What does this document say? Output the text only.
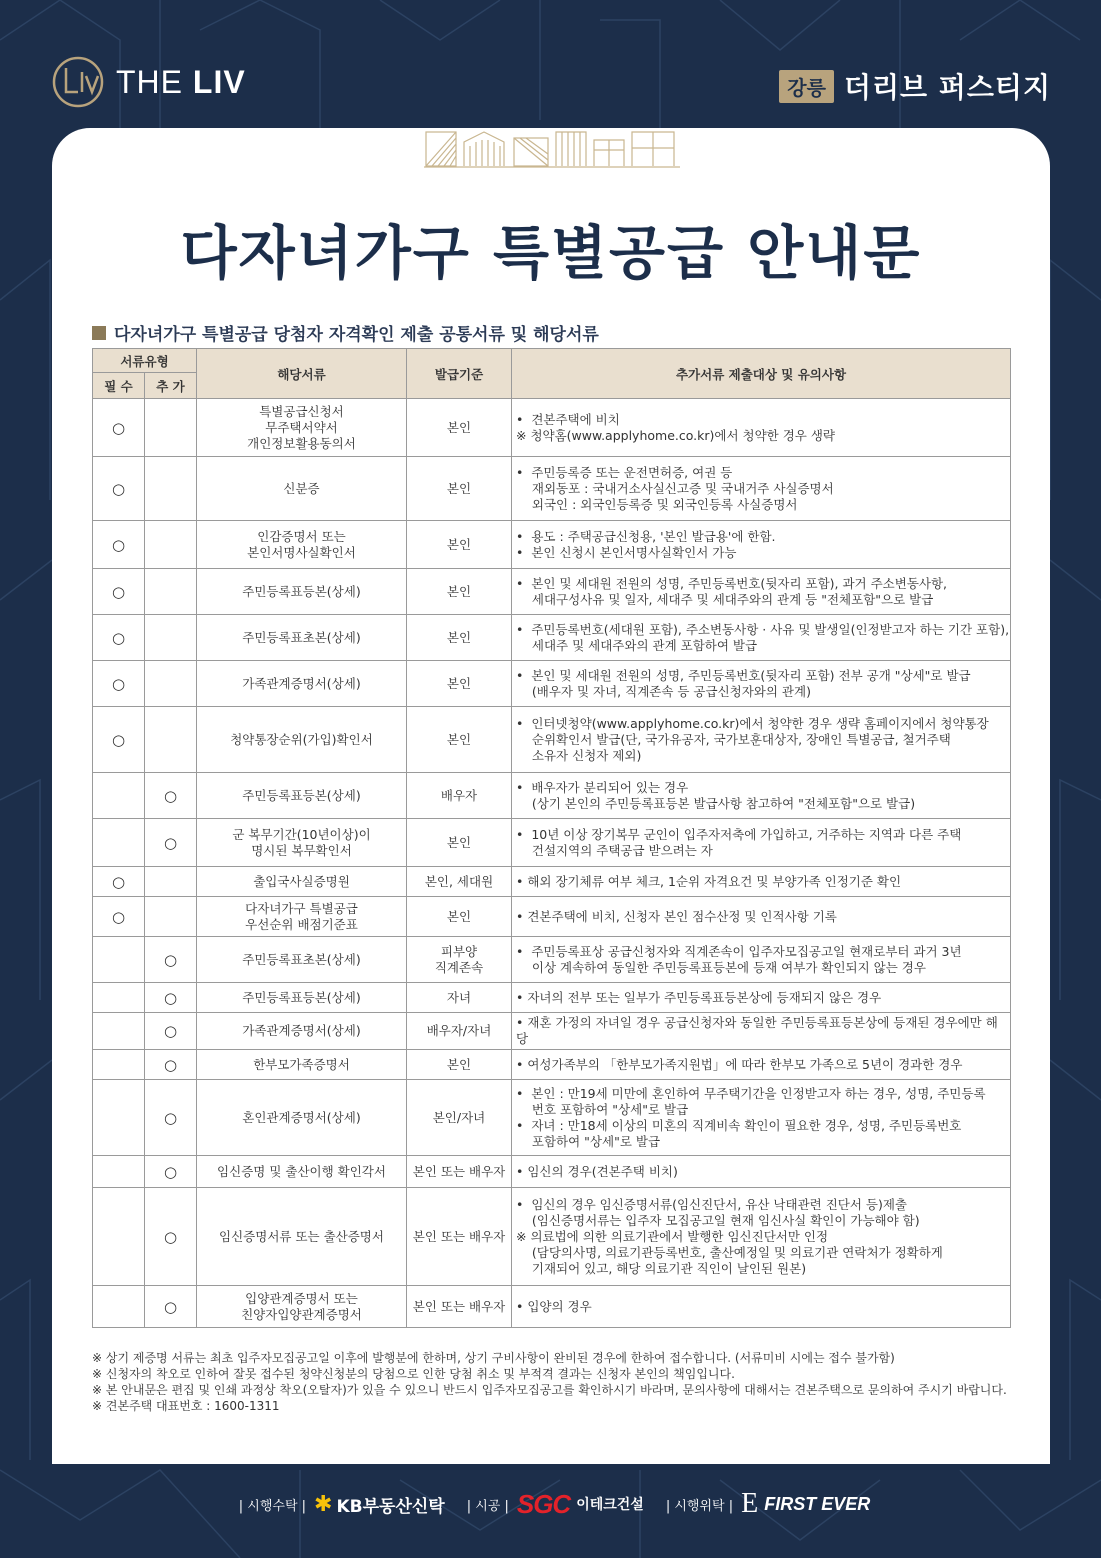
THE LIV	강릉 더리브 퍼스티지
다자녀가구 특별공급 안내문
다자녀가구 특별공급 당첨자 자격확인 제출 공통서류 및 해당서류
서류유형		해당서류	발급기준	추가서류 제출대상 및 유의사항
필 수	추 가			
○		특별공급신청서
무주택서약서
개인정보활용동의서	본인	•  견본주택에 비치
※ 청약홈(www.applyhome.co.kr)에서 청약한 경우 생략

○		신분증	본인	•  주민등록증 또는 운전면허증, 여권 등
재외동포 : 국내거소사실신고증 및 국내거주 사실증명서
외국인 : 외국인등록증 및 외국인등록 사실증명서

○		인감증명서 또는
본인서명사실확인서	본인	•  용도 : 주택공급신청용, '본인 발급용'에 한함.
•  본인 신청시 본인서명사실확인서 가능

○		주민등록표등본(상세)	본인	•  본인 및 세대원 전원의 성명, 주민등록번호(뒷자리 포함), 과거 주소변동사항,
세대구성사유 및 일자, 세대주 및 세대주와의 관계 등 "전체포함"으로 발급

○		주민등록표초본(상세)	본인	•  주민등록번호(세대원 포함), 주소변동사항 · 사유 및 발생일(인정받고자 하는 기간 포함),
세대주 및 세대주와의 관계 포함하여 발급

○		가족관계증명서(상세)	본인	•  본인 및 세대원 전원의 성명, 주민등록번호(뒷자리 포함) 전부 공개 "상세"로 발급
(배우자 및 자녀, 직계존속 등 공급신청자와의 관계)

○		청약통장순위(가입)확인서	본인	•  인터넷청약(www.applyhome.co.kr)에서 청약한 경우 생략 홈페이지에서 청약통장
순위확인서 발급(단, 국가유공자, 국가보훈대상자, 장애인 특별공급, 철거주택
소유자 신청자 제외)

	○	주민등록표등본(상세)	배우자	•  배우자가 분리되어 있는 경우
(상기 본인의 주민등록표등본 발급사항 참고하여 "전체포함"으로 발급)

	○	군 복무기간(10년이상)이
명시된 복무확인서	본인	•  10년 이상 장기복무 군인이 입주자저축에 가입하고, 거주하는 지역과 다른 주택
건설지역의 주택공급 받으려는 자

○		출입국사실증명원	본인, 세대원	• 해외 장기체류 여부 체크, 1순위 자격요건 및 부양가족 인정기준 확인
○		다자녀가구 특별공급
우선순위 배점기준표	본인	• 견본주택에 비치, 신청자 본인 점수산정 및 인적사항 기록
	○	주민등록표초본(상세)	피부양
직계존속	•  주민등록표상 공급신청자와 직계존속이 입주자모집공고일 현재로부터 과거 3년
이상 계속하여 동일한 주민등록표등본에 등재 여부가 확인되지 않는 경우

	○	주민등록표등본(상세)	자녀	• 자녀의 전부 또는 일부가 주민등록표등본상에 등재되지 않은 경우
	○	가족관계증명서(상세)	배우자/자녀	• 재혼 가정의 자녀일 경우 공급신청자와 동일한 주민등록표등본상에 등재된 경우에만 해당
	○	한부모가족증명서	본인	• 여성가족부의 「한부모가족지원법」에 따라 한부모 가족으로 5년이 경과한 경우
	○	혼인관계증명서(상세)	본인/자녀	•  본인 : 만19세 미만에 혼인하여 무주택기간을 인정받고자 하는 경우, 성명, 주민등록
번호 포함하여 "상세"로 발급
•  자녀 : 만18세 이상의 미혼의 직계비속 확인이 필요한 경우, 성명, 주민등록번호
포함하여 "상세"로 발급

	○	임신증명 및 출산이행 확인각서	본인 또는 배우자	• 임신의 경우(견본주택 비치)
	○	임신증명서류 또는 출산증명서	본인 또는 배우자	•  임신의 경우 임신증명서류(임신진단서, 유산 낙태관련 진단서 등)제출
(임신증명서류는 입주자 모집공고일 현재 임신사실 확인이 가능해야 함)
※ 의료법에 의한 의료기관에서 발행한 임신진단서만 인정
(담당의사명, 의료기관등록번호, 출산예정일 및 의료기관 연락처가 정확하게
기재되어 있고, 해당 의료기관 직인이 날인된 원본)

	○	입양관계증명서 또는
친양자입양관계증명서	본인 또는 배우자	• 입양의 경우
※ 상기 제증명 서류는 최초 입주자모집공고일 이후에 발행분에 한하며, 상기 구비사항이 완비된 경우에 한하여 접수합니다. (서류미비 시에는 접수 불가함)
※ 신청자의 착오로 인하여 잘못 접수된 청약신청분의 당첨으로 인한 당첨 취소 및 부적격 결과는 신청자 본인의 책임입니다.
※ 본 안내문은 편집 및 인쇄 과정상 착오(오탈자)가 있을 수 있으니 반드시 입주자모집공고를 확인하시기 바라며, 문의사항에 대해서는 견본주택으로 문의하여 주시기 바랍니다.
※ 견본주택 대표번호 : 1600-1311
| 시행수탁 | ✱ KB부동산신탁 | 시공 | SGC 이테크건설 | 시행위탁 | E FIRST EVER
